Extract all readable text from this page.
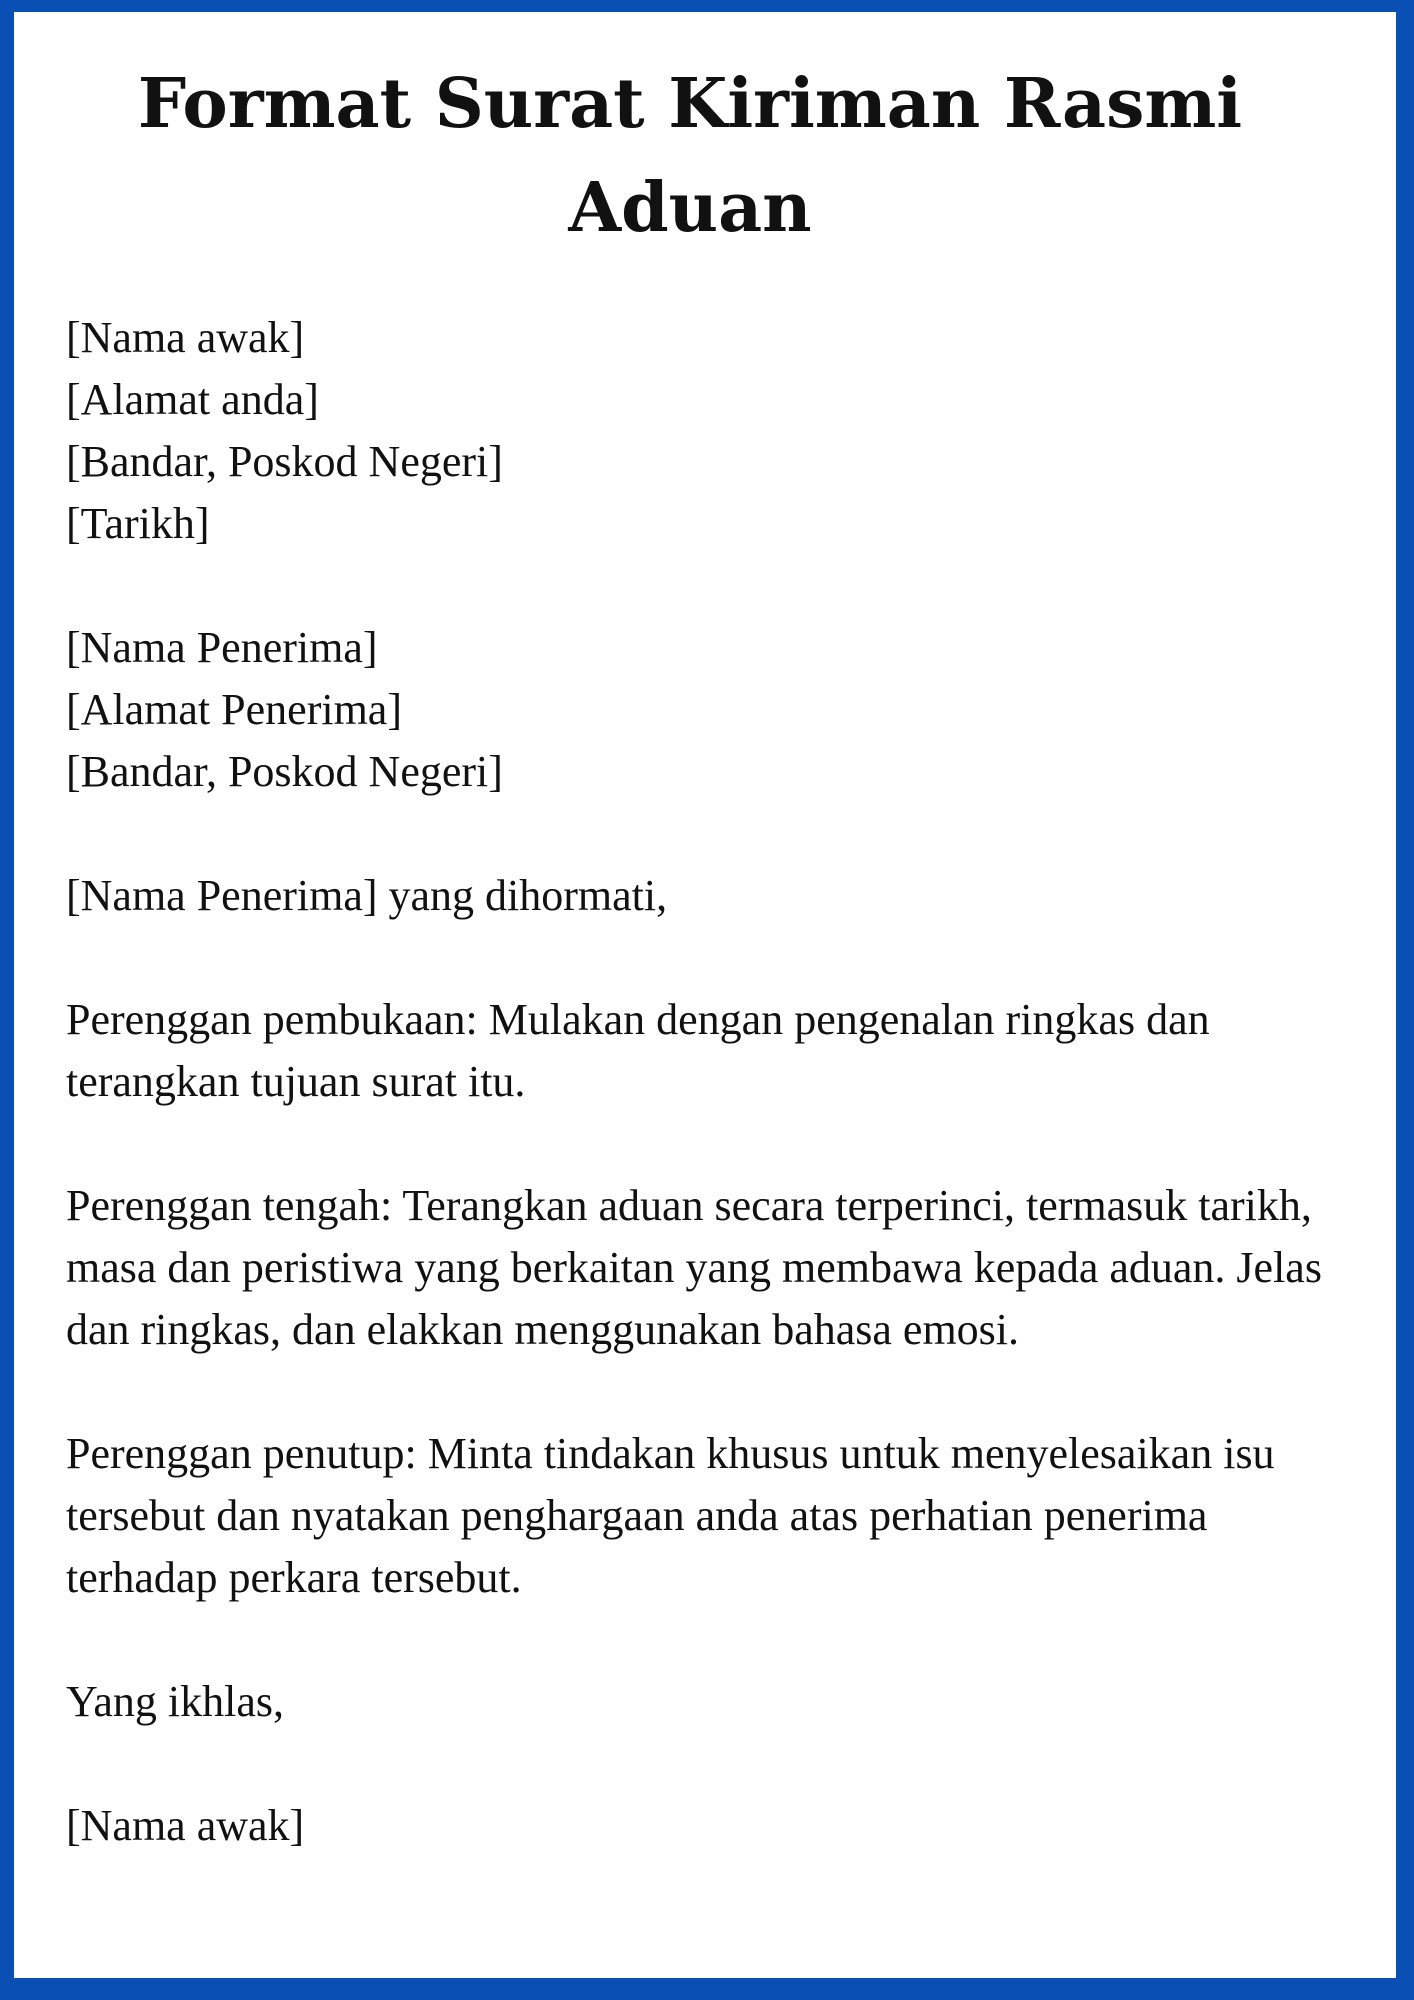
Format Surat Kiriman Rasmi Aduan
[Nama awak]
[Alamat anda]
[Bandar, Poskod Negeri]
[Tarikh]
[Nama Penerima]
[Alamat Penerima]
[Bandar, Poskod Negeri]
[Nama Penerima] yang dihormati,

Perenggan pembukaan: Mulakan dengan pengenalan ringkas dan terangkan tujuan surat itu.

Perenggan tengah: Terangkan aduan secara terperinci, termasuk tarikh, masa dan peristiwa yang berkaitan yang membawa kepada aduan. Jelas dan ringkas, dan elakkan menggunakan bahasa emosi.

Perenggan penutup: Minta tindakan khusus untuk menyelesaikan isu tersebut dan nyatakan penghargaan anda atas perhatian penerima terhadap perkara tersebut.

Yang ikhlas,
[Nama awak]
